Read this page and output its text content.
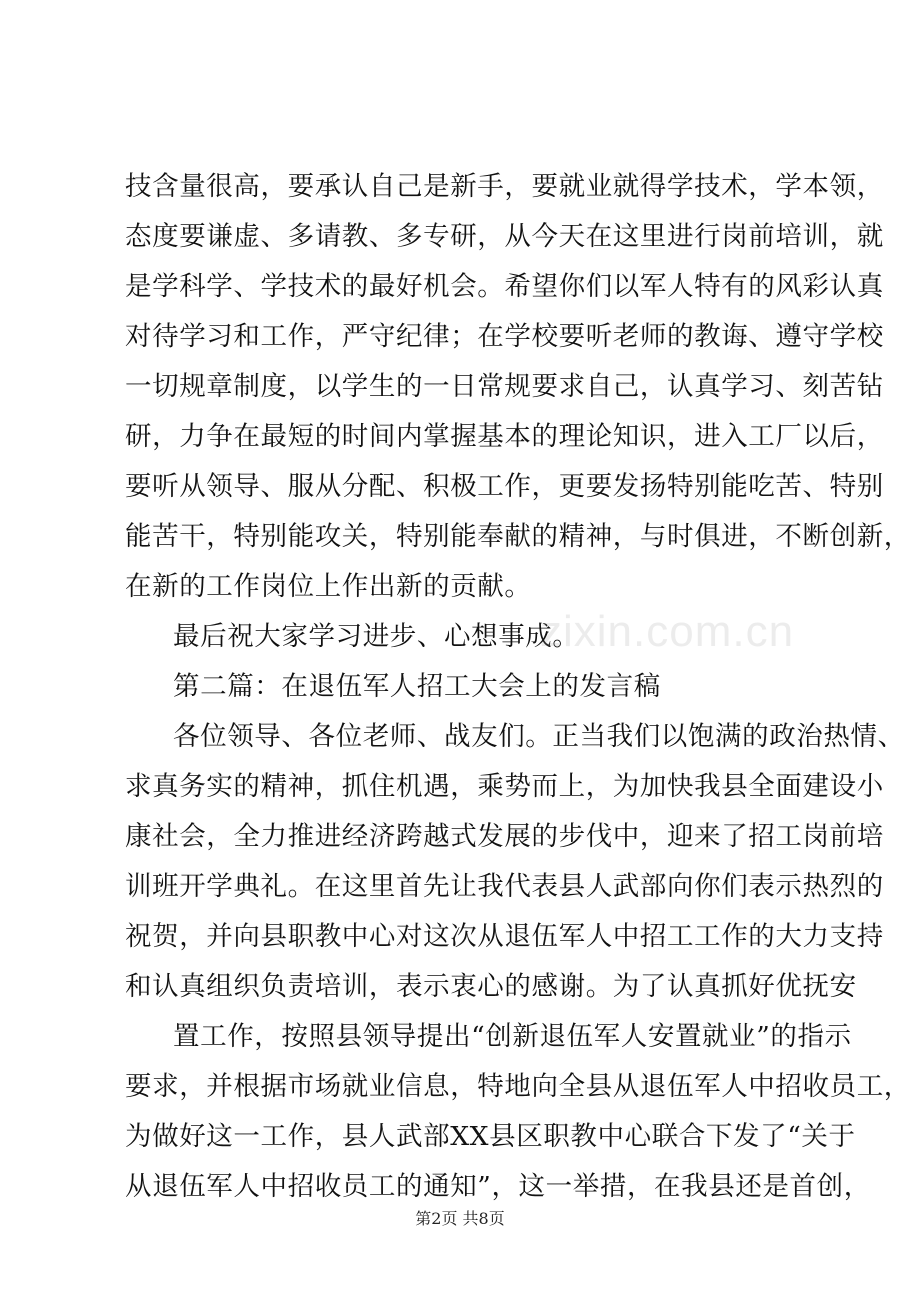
技含量很高，要承认自己是新手，要就业就得学技术，学本领，
态度要谦虚、多请教、多专研，从今天在这里进行岗前培训，就
是学科学、学技术的最好机会。希望你们以军人特有的风彩认真
对待学习和工作，严守纪律；在学校要听老师的教诲、遵守学校
一切规章制度，以学生的一日常规要求自己，认真学习、刻苦钻
研，力争在最短的时间内掌握基本的理论知识，进入工厂以后，
要听从领导、服从分配、积极工作，更要发扬特别能吃苦、特别
能苦干，特别能攻关，特别能奉献的精神，与时俱进，不断创新，
在新的工作岗位上作出新的贡献。
最后祝大家学习进步、心想事成。
第二篇：在退伍军人招工大会上的发言稿
各位领导、各位老师、战友们。正当我们以饱满的政治热情、
求真务实的精神，抓住机遇，乘势而上，为加快我县全面建设小
康社会，全力推进经济跨越式发展的步伐中，迎来了招工岗前培
训班开学典礼。在这里首先让我代表县人武部向你们表示热烈的
祝贺，并向县职教中心对这次从退伍军人中招工工作的大力支持
和认真组织负责培训，表示衷心的感谢。为了认真抓好优抚安
置工作，按照县领导提出“创新退伍军人安置就业”的指示
要求，并根据市场就业信息，特地向全县从退伍军人中招收员工，
为做好这一工作，县人武部XX县区职教中心联合下发了“关于
从退伍军人中招收员工的通知”，这一举措，在我县还是首创，
zixin.com.cn
第2页 共8页
